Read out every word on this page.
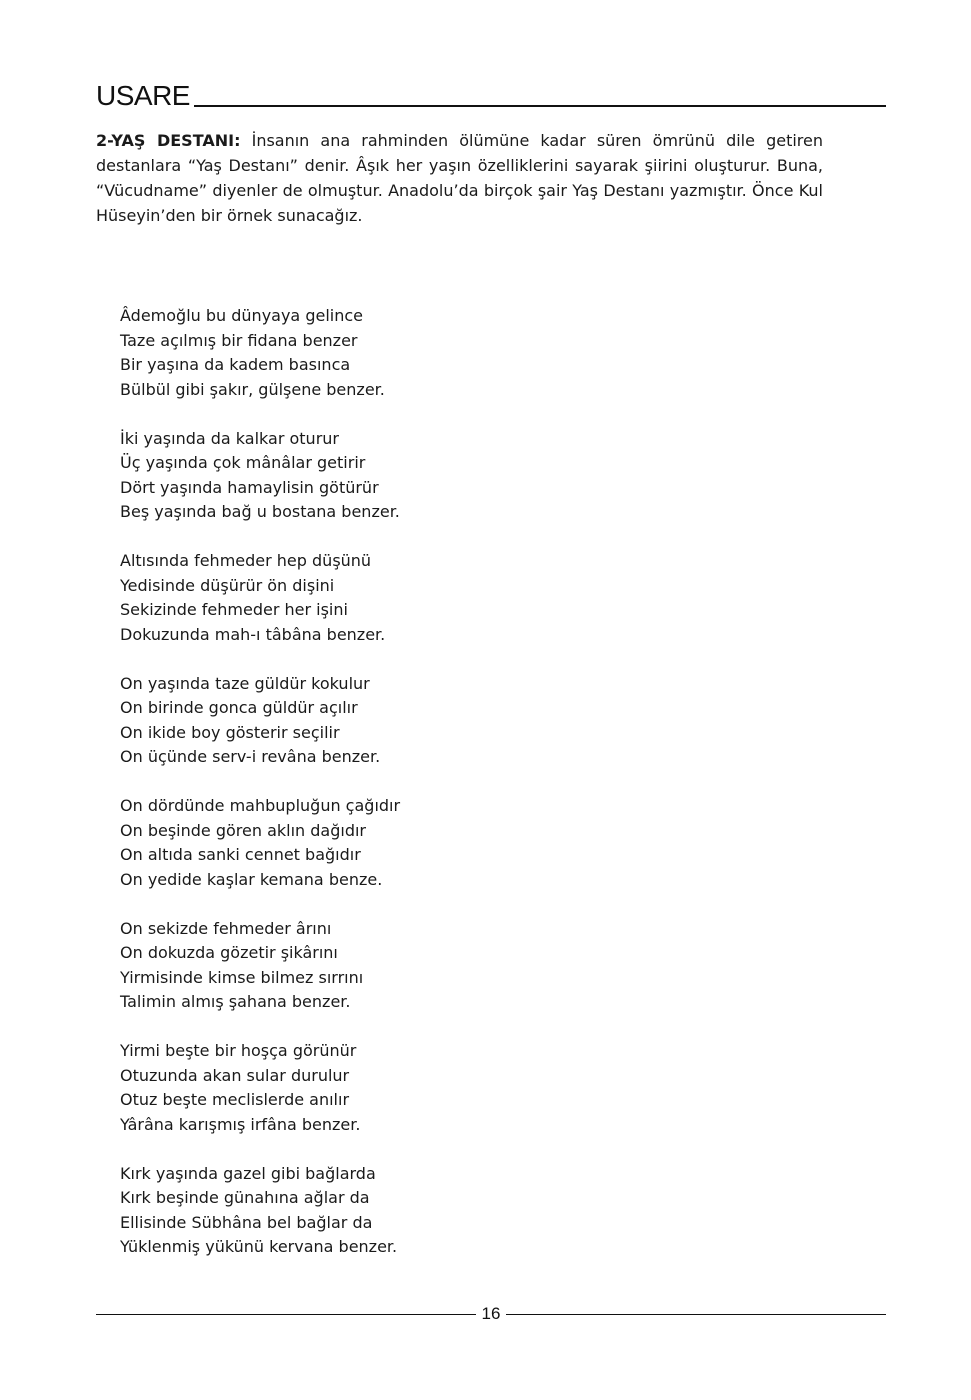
USARE

2-YAŞ DESTANI: İnsanın ana rahminden ölümüne kadar süren ömrünü dile getiren destanlara “Yaş Destanı” denir. Âşık her yaşın özelliklerini sayarak şiirini oluşturur. Buna, “Vücudname” diyenler de olmuştur. Anadolu’da birçok şair Yaş Destanı yazmıştır. Önce Kul Hüseyin’den bir örnek sunacağız.

Âdemoğlu bu dünyaya gelince
Taze açılmış bir fidana benzer
Bir yaşına da kadem basınca
Bülbül gibi şakır, gülşene benzer.
İki yaşında da kalkar oturur
Üç yaşında çok mânâlar getirir
Dört yaşında hamaylisin götürür
Beş yaşında bağ u bostana benzer.
Altısında fehmeder hep düşünü
Yedisinde düşürür ön dişini
Sekizinde fehmeder her işini
Dokuzunda mah-ı tâbâna benzer.
On yaşında taze güldür kokulur
On birinde gonca güldür açılır
On ikide boy gösterir seçilir
On üçünde serv-i revâna benzer.
On dördünde mahbupluğun çağıdır
On beşinde gören aklın dağıdır
On altıda sanki cennet bağıdır
On yedide kaşlar kemana benze.
On sekizde fehmeder ârını
On dokuzda gözetir şikârını
Yirmisinde kimse bilmez sırrını
Talimin almış şahana benzer.
Yirmi beşte bir hoşça görünür
Otuzunda akan sular durulur
Otuz beşte meclislerde anılır
Yârâna karışmış irfâna benzer.
Kırk yaşında gazel gibi bağlarda
Kırk beşinde günahına ağlar da
Ellisinde Sübhâna bel bağlar da
Yüklenmiş yükünü kervana benzer.
16
